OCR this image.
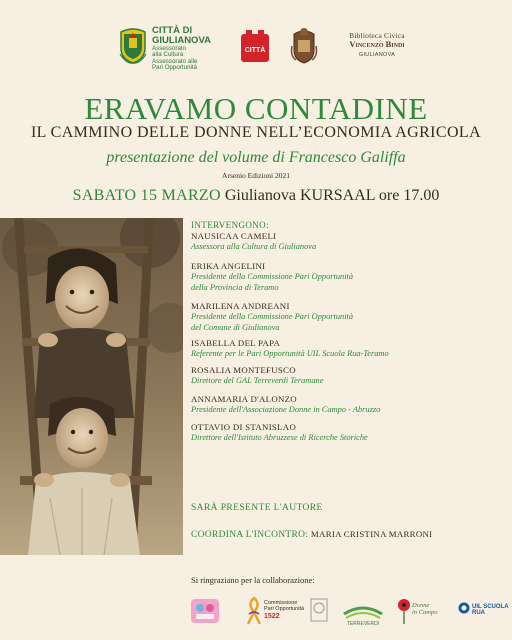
CITTÀ DI
GIULIANOVA
Assessorato
alla Cultura
Assessorato alle
Pari Opportunità
CITTÀ
Biblioteca Civica
Vincenzo Bindi
GIULIANOVA
ERAVAMO CONTADINE
IL CAMMINO DELLE DONNE NELL’ECONOMIA AGRICOLA
presentazione del volume di Francesco Galiffa
Arsenio Edizioni 2021
SABATO 15 MARZO Giulianova KURSAAL ore 17.00
INTERVENGONO:
NAUSICAA CAMELI
Assessora alla Cultura di Giulianova
ERIKA ANGELINI
Presidente della Commissione Pari Opportunità
della Provincia di Teramo
MARILENA ANDREANI
Presidente della Commissione Pari Opportunità
del Comune di Giulianova
ISABELLA DEL PAPA
Referente per le Pari Opportunità UIL Scuola Rua-Teramo
ROSALIA MONTEFUSCO
Direttore del GAL Terreverdi Teramane
ANNAMARIA D'ALONZO
Presidente dell'Associazione Donne in Campo - Abruzzo
OTTAVIO DI STANISLAO
Direttore dell'Istituto Abruzzese di Ricerche Storiche
SARÀ PRESENTE L'AUTORE
COORDINA L'INCONTRO: MARIA CRISTINA MARRONI
Si ringraziano per la collaborazione:
Commissione
Pari Opportunità
1522
TERREVERDI
Donne
in Campo
UIL SCUOLA RUA
